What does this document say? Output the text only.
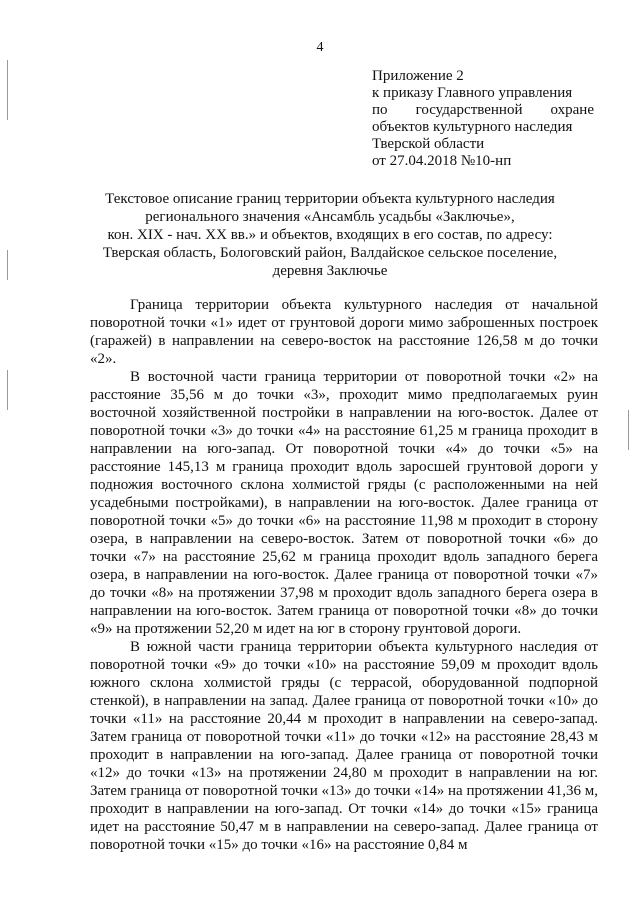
4
Приложение 2
к приказу Главного управления
по государственной охране
объектов культурного наследия
Тверской области
от 27.04.2018 №10-нп
Текстовое описание границ территории объекта культурного наследия
регионального значения «Ансамбль усадьбы «Заключье»,
кон. XIX - нач. XX вв.» и объектов, входящих в его состав, по адресу:
Тверская область, Бологовский район, Валдайское сельское поселение,
деревня Заключье

Граница территории объекта культурного наследия от начальной поворотной точки «1» идет от грунтовой дороги мимо заброшенных построек (гаражей) в направлении на северо-восток на расстояние 126,58 м до точки «2».

В восточной части граница территории от поворотной точки «2» на расстояние 35,56 м до точки «3», проходит мимо предполагаемых руин восточной хозяйственной постройки в направлении на юго-восток. Далее от поворотной точки «3» до точки «4» на расстояние 61,25 м граница проходит в направлении на юго-запад. От поворотной точки «4» до точки «5» на расстояние 145,13 м граница проходит вдоль заросшей грунтовой дороги у подножия восточного склона холмистой гряды (с расположенными на ней усадебными постройками), в направлении на юго-восток. Далее граница от поворотной точки «5» до точки «6» на расстояние 11,98 м проходит в сторону озера, в направлении на северо-восток. Затем от поворотной точки «6» до точки «7» на расстояние 25,62 м граница проходит вдоль западного берега озера, в направлении на юго-восток. Далее граница от поворотной точки «7» до точки «8» на протяжении 37,98 м проходит вдоль западного берега озера в направлении на юго-восток. Затем граница от поворотной точки «8» до точки «9» на протяжении 52,20 м идет на юг в сторону грунтовой дороги.

В южной части граница территории объекта культурного наследия от поворотной точки «9» до точки «10» на расстояние 59,09 м проходит вдоль южного склона холмистой гряды (с террасой, оборудованной подпорной стенкой), в направлении на запад. Далее граница от поворотной точки «10» до точки «11» на расстояние 20,44 м проходит в направлении на северо-запад. Затем граница от поворотной точки «11» до точки «12» на расстояние 28,43 м проходит в направлении на юго-запад. Далее граница от поворотной точки «12» до точки «13» на протяжении 24,80 м проходит в направлении на юг. Затем граница от поворотной точки «13» до точки «14» на протяжении 41,36 м, проходит в направлении на юго-запад. От точки «14» до точки «15» граница идет на расстояние 50,47 м в направлении на северо-запад. Далее граница от поворотной точки «15» до точки «16» на расстояние 0,84 м
